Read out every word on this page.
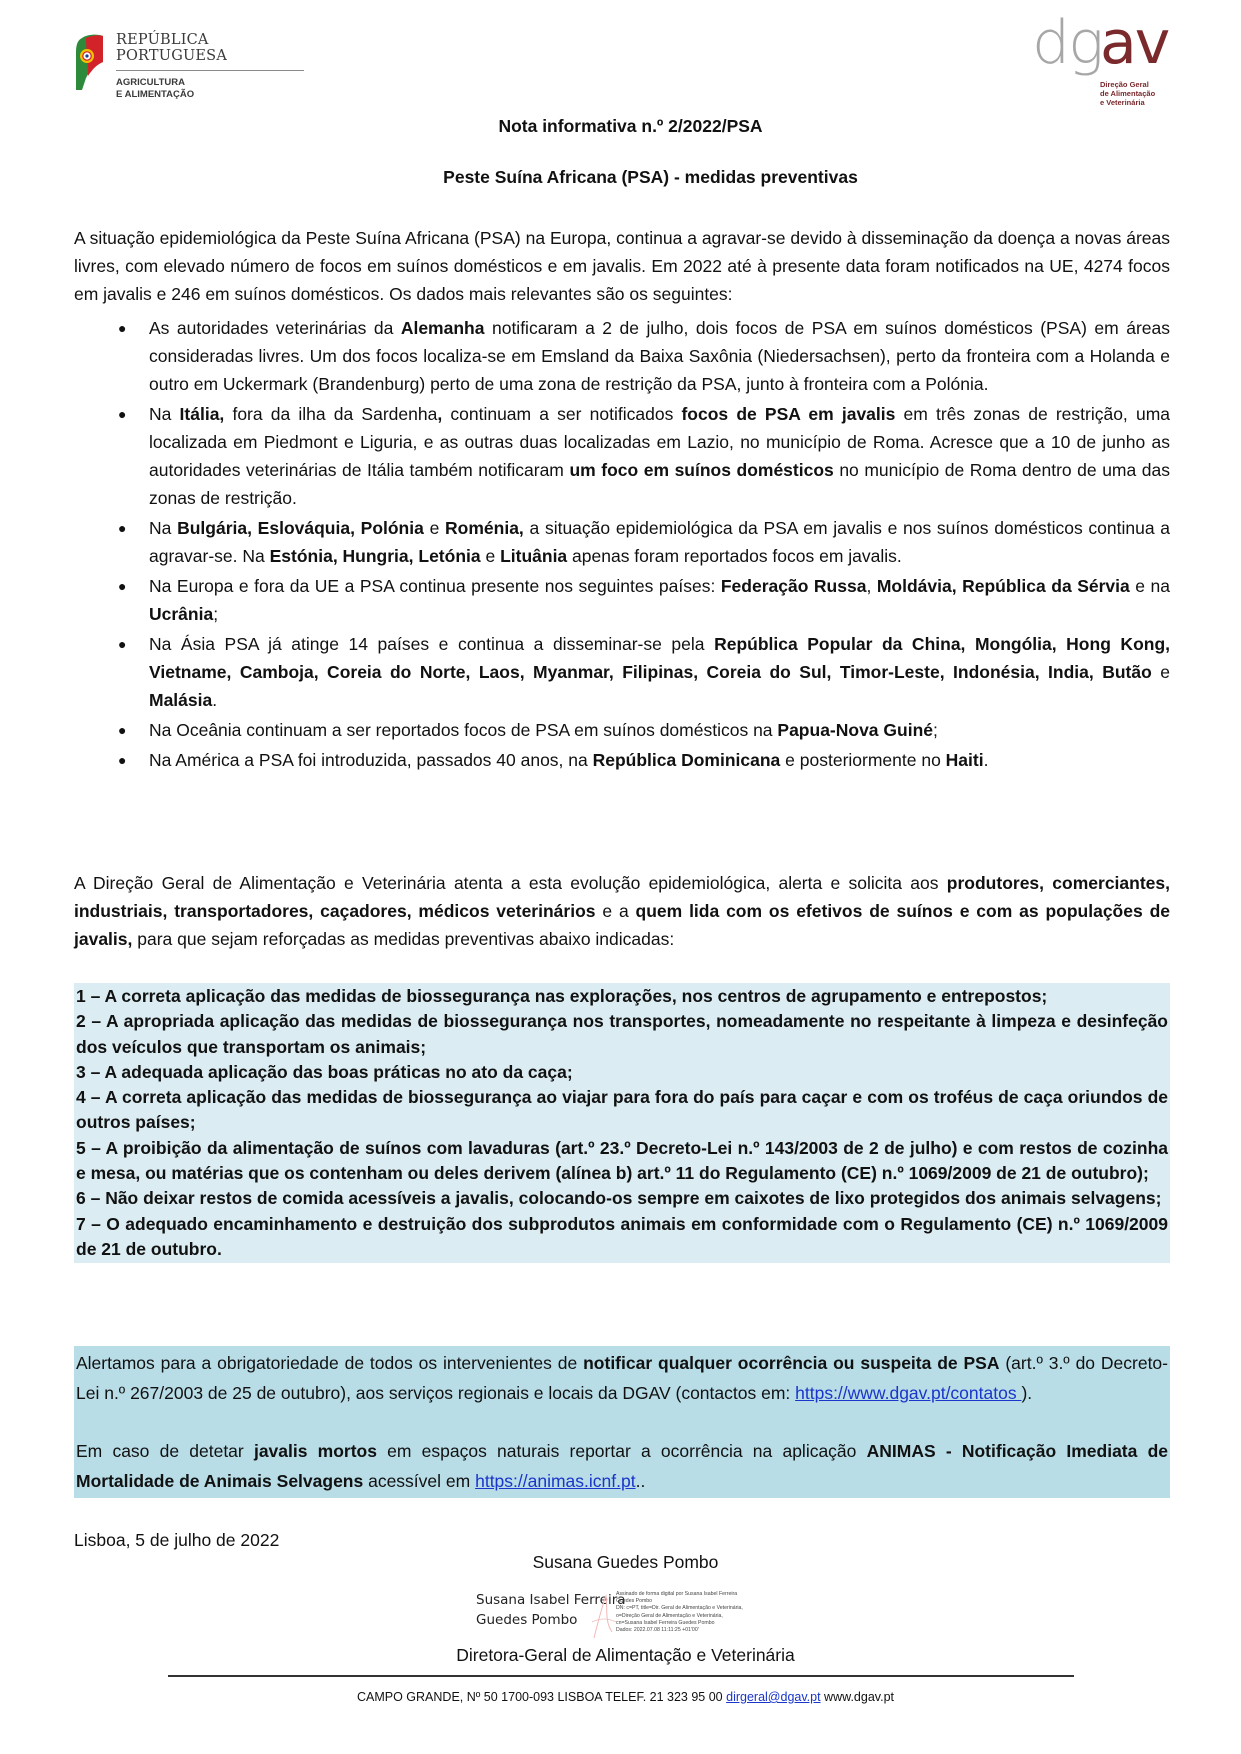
REPÚBLICA
PORTUGUESA
AGRICULTURA
E ALIMENTAÇÃO
dg
av
Direção Geral
de Alimentação
e Veterinária
Nota informativa n.º 2/2022/PSA
Peste Suína Africana (PSA) - medidas preventivas
A situação epidemiológica da Peste Suína Africana (PSA) na Europa, continua a agravar-se devido à disseminação da doença a novas áreas livres, com elevado número de focos em suínos domésticos e em javalis. Em 2022 até à presente data foram notificados na UE, 4274 focos em javalis e 246 em suínos domésticos. Os dados mais relevantes são os seguintes:
● As autoridades veterinárias da Alemanha notificaram a 2 de julho, dois focos de PSA em suínos domésticos (PSA) em áreas consideradas livres. Um dos focos localiza-se em Emsland da Baixa Saxônia (Niedersachsen), perto da fronteira com a Holanda e outro em Uckermark (Brandenburg) perto de uma zona de restrição da PSA, junto à fronteira com a Polónia.
● Na Itália, fora da ilha da Sardenha, continuam a ser notificados focos de PSA em javalis em três zonas de restrição, uma localizada em Piedmont e Liguria, e as outras duas localizadas em Lazio, no município de Roma. Acresce que a 10 de junho as autoridades veterinárias de Itália também notificaram um foco em suínos domésticos no município de Roma dentro de uma das zonas de restrição.
● Na Bulgária, Eslováquia, Polónia e Roménia, a situação epidemiológica da PSA em javalis e nos suínos domésticos continua a agravar-se. Na Estónia, Hungria, Letónia e Lituânia apenas foram reportados focos em javalis.
● Na Europa e fora da UE a PSA continua presente nos seguintes países: Federação Russa, Moldávia, República da Sérvia e na Ucrânia;
● Na Ásia PSA já atinge 14 países e continua a disseminar-se pela República Popular da China, Mongólia, Hong Kong, Vietname, Camboja, Coreia do Norte, Laos, Myanmar, Filipinas, Coreia do Sul, Timor-Leste, Indonésia, India, Butão e Malásia.
● Na Oceânia continuam a ser reportados focos de PSA em suínos domésticos na Papua-Nova Guiné;
● Na América a PSA foi introduzida, passados 40 anos, na República Dominicana e posteriormente no Haiti.
A Direção Geral de Alimentação e Veterinária atenta a esta evolução epidemiológica, alerta e solicita aos produtores, comerciantes, industriais, transportadores, caçadores, médicos veterinários e a quem lida com os efetivos de suínos e com as populações de javalis, para que sejam reforçadas as medidas preventivas abaixo indicadas:
1 – A correta aplicação das medidas de biossegurança nas explorações, nos centros de agrupamento e entrepostos;
2 – A apropriada aplicação das medidas de biossegurança nos transportes, nomeadamente no respeitante à limpeza e desinfeção dos veículos que transportam os animais;
3 – A adequada aplicação das boas práticas no ato da caça;
4 – A correta aplicação das medidas de biossegurança ao viajar para fora do país para caçar e com os troféus de caça oriundos de outros países;
5 – A proibição da alimentação de suínos com lavaduras (art.º 23.º Decreto-Lei n.º 143/2003 de 2 de julho) e com restos de cozinha e mesa, ou matérias que os contenham ou deles derivem (alínea b) art.º 11 do Regulamento (CE) n.º 1069/2009 de 21 de outubro);
6 – Não deixar restos de comida acessíveis a javalis, colocando-os sempre em caixotes de lixo protegidos dos animais selvagens;
7 – O adequado encaminhamento e destruição dos subprodutos animais em conformidade com o Regulamento (CE) n.º 1069/2009 de 21 de outubro.

Alertamos para a obrigatoriedade de todos os intervenientes de notificar qualquer ocorrência ou suspeita de PSA (art.º 3.º do Decreto-Lei n.º 267/2003 de 25 de outubro), aos serviços regionais e locais da DGAV (contactos em: https://www.dgav.pt/contatos ).

Em caso de detetar javalis mortos em espaços naturais reportar a ocorrência na aplicação ANIMAS - Notificação Imediata de Mortalidade de Animais Selvagens acessível em https://animas.icnf.pt..

Lisboa, 5 de julho de 2022
Susana Guedes Pombo
Susana Isabel Ferreira
Guedes Pombo
Assinado de forma digital por Susana Isabel Ferreira
Guedes Pombo
DN: c=PT, title=Dir. Geral de Alimentação e Veterinária,
o=Direção Geral de Alimentação e Veterinária,
cn=Susana Isabel Ferreira Guedes Pombo
Dados: 2022.07.08 11:11:25 +01'00'
Diretora-Geral de Alimentação e Veterinária
CAMPO GRANDE, Nº 50 1700-093 LISBOA TELEF. 21 323 95 00 dirgeral@dgav.pt www.dgav.pt
